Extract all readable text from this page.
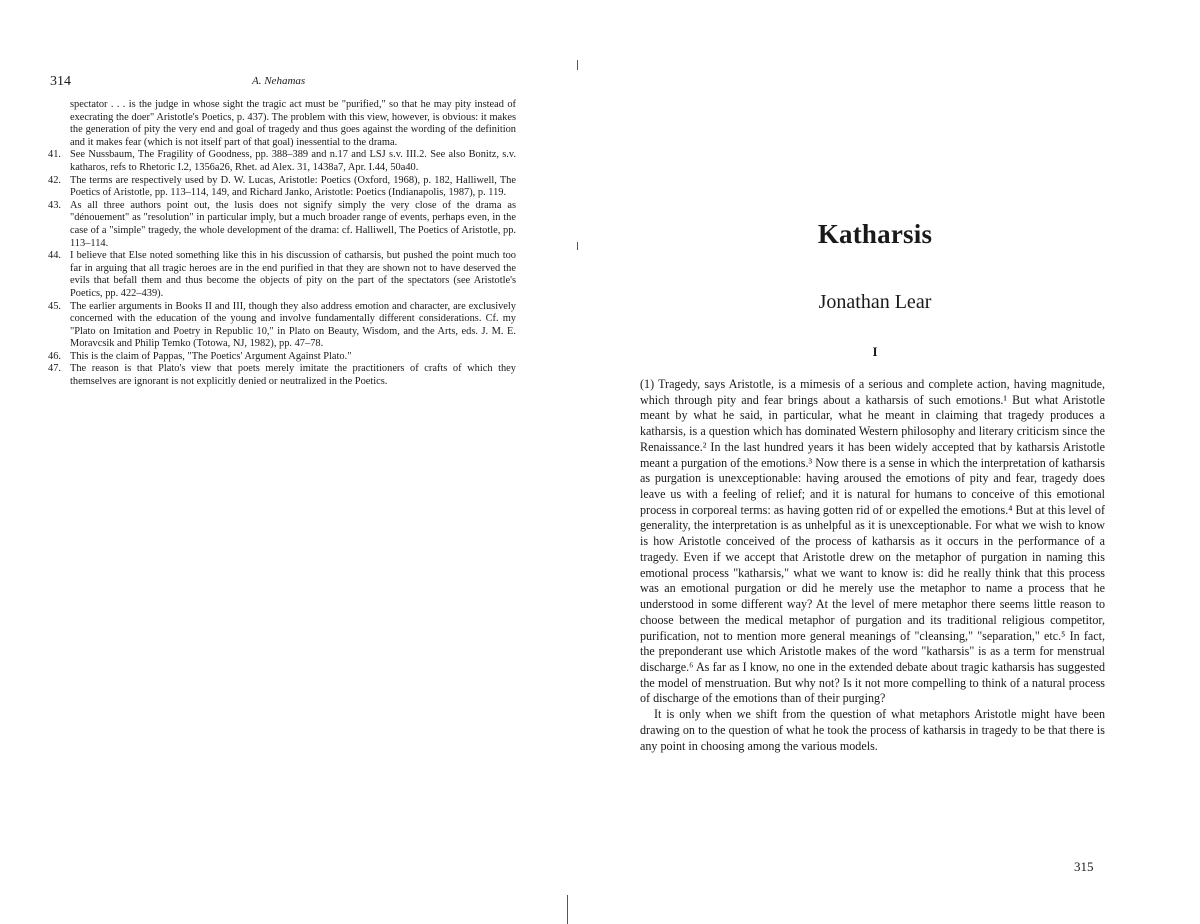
314	A. Nehamas

spectator . . . is the judge in whose sight the tragic act must be "purified," so that he may pity instead of execrating the doer" Aristotle's Poetics, p. 437). The problem with this view, however, is obvious: it makes the generation of pity the very end and goal of tragedy and thus goes against the wording of the definition and it makes fear (which is not itself part of that goal) inessential to the drama.

41. See Nussbaum, The Fragility of Goodness, pp. 388–389 and n.17 and LSJ s.v. III.2. See also Bonitz, s.v. katharos, refs to Rhetoric I.2, 1356a26, Rhet. ad Alex. 31, 1438a7, Apr. I.44, 50a40.
42. The terms are respectively used by D. W. Lucas, Aristotle: Poetics (Oxford, 1968), p. 182, Halliwell, The Poetics of Aristotle, pp. 113–114, 149, and Richard Janko, Aristotle: Poetics (Indianapolis, 1987), p. 119.
43. As all three authors point out, the lusis does not signify simply the very close of the drama as "dénouement" as "resolution" in particular imply, but a much broader range of events, perhaps even, in the case of a "simple" tragedy, the whole development of the drama: cf. Halliwell, The Poetics of Aristotle, pp. 113–114.
44. I believe that Else noted something like this in his discussion of catharsis, but pushed the point much too far in arguing that all tragic heroes are in the end purified in that they are shown not to have deserved the evils that befall them and thus become the objects of pity on the part of the spectators (see Aristotle's Poetics, pp. 422–439).
45. The earlier arguments in Books II and III, though they also address emotion and character, are exclusively concerned with the education of the young and involve fundamentally different considerations. Cf. my "Plato on Imitation and Poetry in Republic 10," in Plato on Beauty, Wisdom, and the Arts, eds. J. M. E. Moravcsik and Philip Temko (Totowa, NJ, 1982), pp. 47–78.
46. This is the claim of Pappas, "The Poetics' Argument Against Plato."
47. The reason is that Plato's view that poets merely imitate the practitioners of crafts of which they themselves are ignorant is not explicitly denied or neutralized in the Poetics.
Katharsis
Jonathan Lear
I

(1) Tragedy, says Aristotle, is a mimesis of a serious and complete action, having magnitude, which through pity and fear brings about a katharsis of such emotions.¹ But what Aristotle meant by what he said, in particular, what he meant in claiming that tragedy produces a katharsis, is a question which has dominated Western philosophy and literary criticism since the Renaissance.² In the last hundred years it has been widely accepted that by katharsis Aristotle meant a purgation of the emotions.³ Now there is a sense in which the interpretation of katharsis as purgation is unexceptionable: having aroused the emotions of pity and fear, tragedy does leave us with a feeling of relief; and it is natural for humans to conceive of this emotional process in corporeal terms: as having gotten rid of or expelled the emotions.⁴ But at this level of generality, the interpretation is as unhelpful as it is unexceptionable. For what we wish to know is how Aristotle conceived of the process of katharsis as it occurs in the performance of a tragedy. Even if we accept that Aristotle drew on the metaphor of purgation in naming this emotional process "katharsis," what we want to know is: did he really think that this process was an emotional purgation or did he merely use the metaphor to name a process that he understood in some different way? At the level of mere metaphor there seems little reason to choose between the medical metaphor of purgation and its traditional religious competitor, purification, not to mention more general meanings of "cleansing," "separation," etc.⁵ In fact, the preponderant use which Aristotle makes of the word "katharsis" is as a term for menstrual discharge.⁶ As far as I know, no one in the extended debate about tragic katharsis has suggested the model of menstruation. But why not? Is it not more compelling to think of a natural process of discharge of the emotions than of their purging?

It is only when we shift from the question of what metaphors Aristotle might have been drawing on to the question of what he took the process of katharsis in tragedy to be that there is any point in choosing among the various models.

315
